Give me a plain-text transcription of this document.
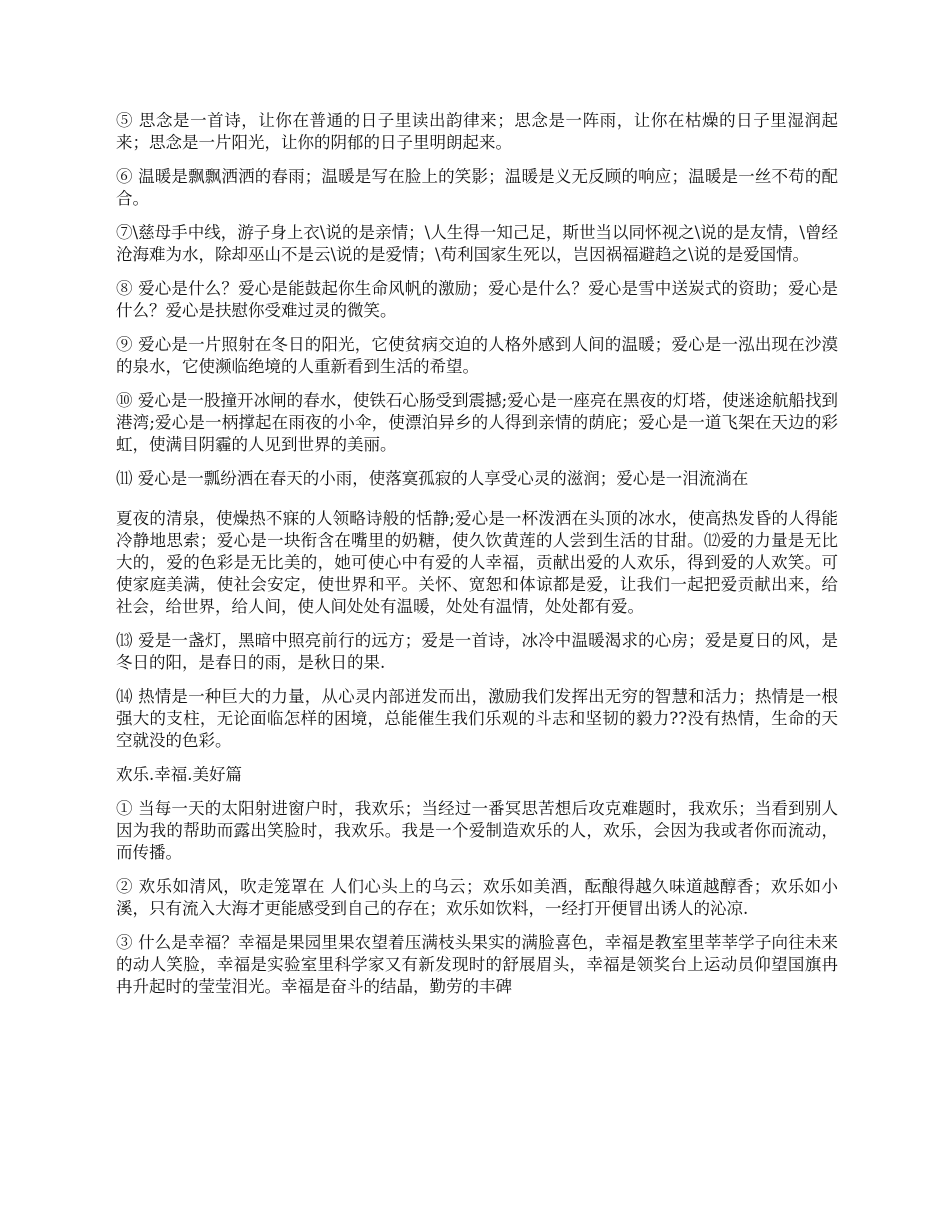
⑤ 思念是一首诗，让你在普通的日子里读出韵律来；思念是一阵雨，让你在枯燥的日子里湿润起来；思念是一片阳光，让你的阴郁的日子里明朗起来。

⑥ 温暖是飘飘洒洒的春雨；温暖是写在脸上的笑影；温暖是义无反顾的响应；温暖是一丝不苟的配合。

⑦\慈母手中线，游子身上衣\说的是亲情；\人生得一知己足，斯世当以同怀视之\说的是友情，\曾经沧海难为水，除却巫山不是云\说的是爱情；\苟利国家生死以，岂因祸福避趋之\说的是爱国情。

⑧ 爱心是什么？爱心是能鼓起你生命风帆的激励；爱心是什么？爱心是雪中送炭式的资助；爱心是什么？爱心是扶慰你受难过灵的微笑。

⑨ 爱心是一片照射在冬日的阳光，它使贫病交迫的人格外感到人间的温暖；爱心是一泓出现在沙漠的泉水，它使濒临绝境的人重新看到生活的希望。

⑩ 爱心是一股撞开冰闸的春水，使铁石心肠受到震撼;爱心是一座亮在黑夜的灯塔，使迷途航船找到港湾;爱心是一柄撑起在雨夜的小伞，使漂泊异乡的人得到亲情的荫庇；爱心是一道飞架在天边的彩虹，使满目阴霾的人见到世界的美丽。

⑾ 爱心是一瓢纷洒在春天的小雨，使落寞孤寂的人享受心灵的滋润；爱心是一泪流淌在

夏夜的清泉，使燥热不寐的人领略诗般的恬静;爱心是一杯泼洒在头顶的冰水，使高热发昏的人得能冷静地思索；爱心是一块衔含在嘴里的奶糖，使久饮黄莲的人尝到生活的甘甜。⑿爱的力量是无比大的，爱的色彩是无比美的，她可使心中有爱的人幸福，贡献出爱的人欢乐，得到爱的人欢笑。可使家庭美满，使社会安定，使世界和平。关怀、宽恕和体谅都是爱，让我们一起把爱贡献出来，给社会，给世界，给人间，使人间处处有温暖，处处有温情，处处都有爱。

⒀ 爱是一盏灯，黑暗中照亮前行的远方；爱是一首诗，冰冷中温暖渴求的心房；爱是夏日的风，是冬日的阳，是春日的雨，是秋日的果.

⒁ 热情是一种巨大的力量，从心灵内部迸发而出，激励我们发挥出无穷的智慧和活力；热情是一根强大的支柱，无论面临怎样的困境，总能催生我们乐观的斗志和坚韧的毅力??没有热情，生命的天空就没的色彩。

欢乐.幸福.美好篇

① 当每一天的太阳射进窗户时，我欢乐；当经过一番冥思苦想后攻克难题时，我欢乐；当看到别人因为我的帮助而露出笑脸时，我欢乐。我是一个爱制造欢乐的人，欢乐，会因为我或者你而流动，而传播。

② 欢乐如清风，吹走笼罩在 人们心头上的乌云；欢乐如美酒，酝酿得越久味道越醇香；欢乐如小溪，只有流入大海才更能感受到自己的存在；欢乐如饮料，一经打开便冒出诱人的沁凉.

③ 什么是幸福？幸福是果园里果农望着压满枝头果实的满脸喜色，幸福是教室里莘莘学子向往未来的动人笑脸，幸福是实验室里科学家又有新发现时的舒展眉头，幸福是领奖台上运动员仰望国旗冉冉升起时的莹莹泪光。幸福是奋斗的结晶，勤劳的丰碑
